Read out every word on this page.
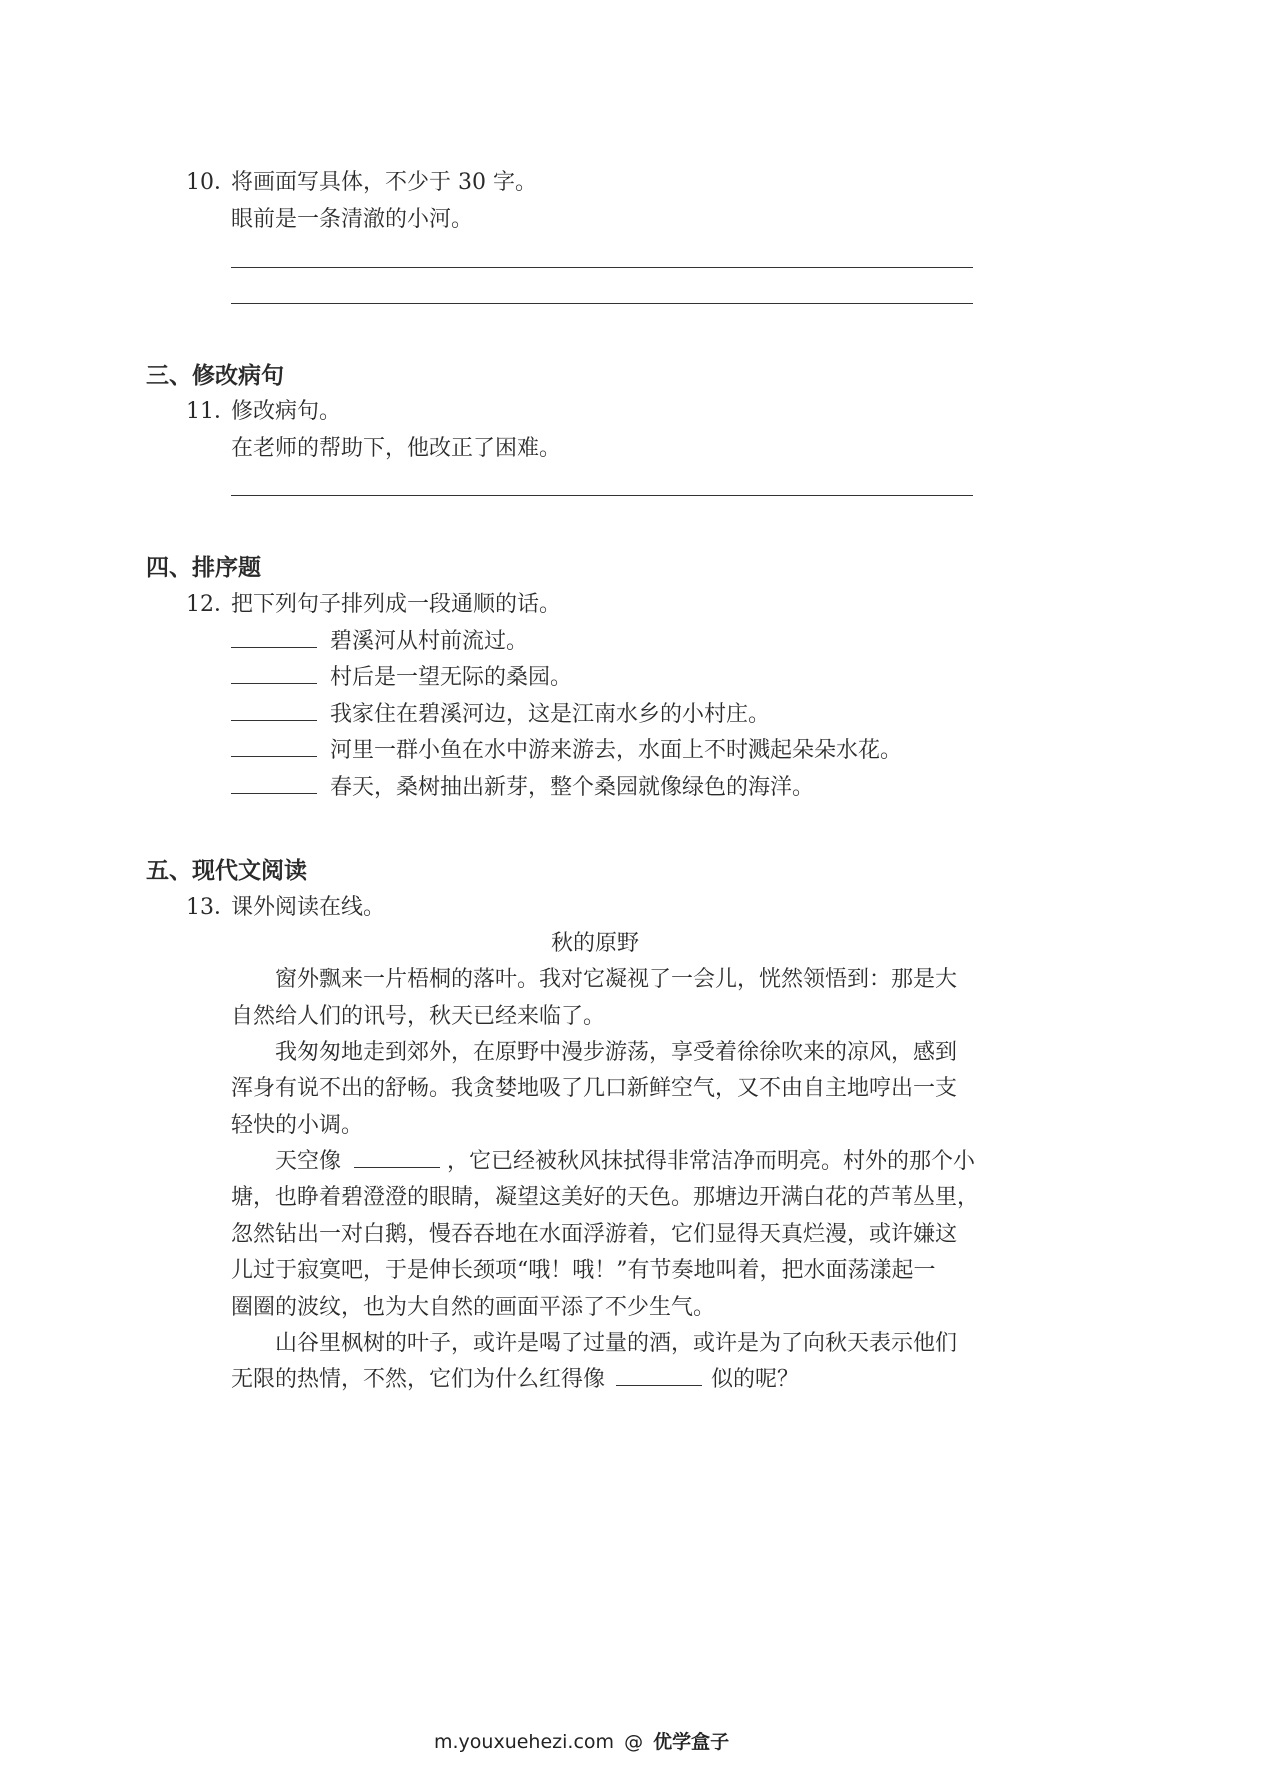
10．
将画面写具体，不少于 30 字。
眼前是一条清澈的小河。
三、修改病句
11．
修改病句。
在老师的帮助下，他改正了困难。
四、排序题
12．
把下列句子排列成一段通顺的话。
碧溪河从村前流过。
村后是一望无际的桑园。
我家住在碧溪河边，这是江南水乡的小村庄。
河里一群小鱼在水中游来游去，水面上不时溅起朵朵水花。
春天，桑树抽出新芽，整个桑园就像绿色的海洋。
五、现代文阅读
13．
课外阅读在线。
秋的原野
窗外飘来一片梧桐的落叶。我对它凝视了一会儿，恍然领悟到：那是大
自然给人们的讯号，秋天已经来临了。
我匆匆地走到郊外，在原野中漫步游荡，享受着徐徐吹来的凉风，感到
浑身有说不出的舒畅。我贪婪地吸了几口新鲜空气，又不由自主地哼出一支
轻快的小调。
天空像	，它已经被秋风抹拭得非常洁净而明亮。村外的那个小
塘，也睁着碧澄澄的眼睛，凝望这美好的天色。那塘边开满白花的芦苇丛里，
忽然钻出一对白鹅，慢吞吞地在水面浮游着，它们显得天真烂漫，或许嫌这
儿过于寂寞吧，于是伸长颈项“哦！哦！”有节奏地叫着，把水面荡漾起一
圈圈的波纹，也为大自然的画面平添了不少生气。
山谷里枫树的叶子，或许是喝了过量的酒，或许是为了向秋天表示他们
无限的热情，不然，它们为什么红得像	似的呢？
m.youxuehezi.com @ 优学盒子
